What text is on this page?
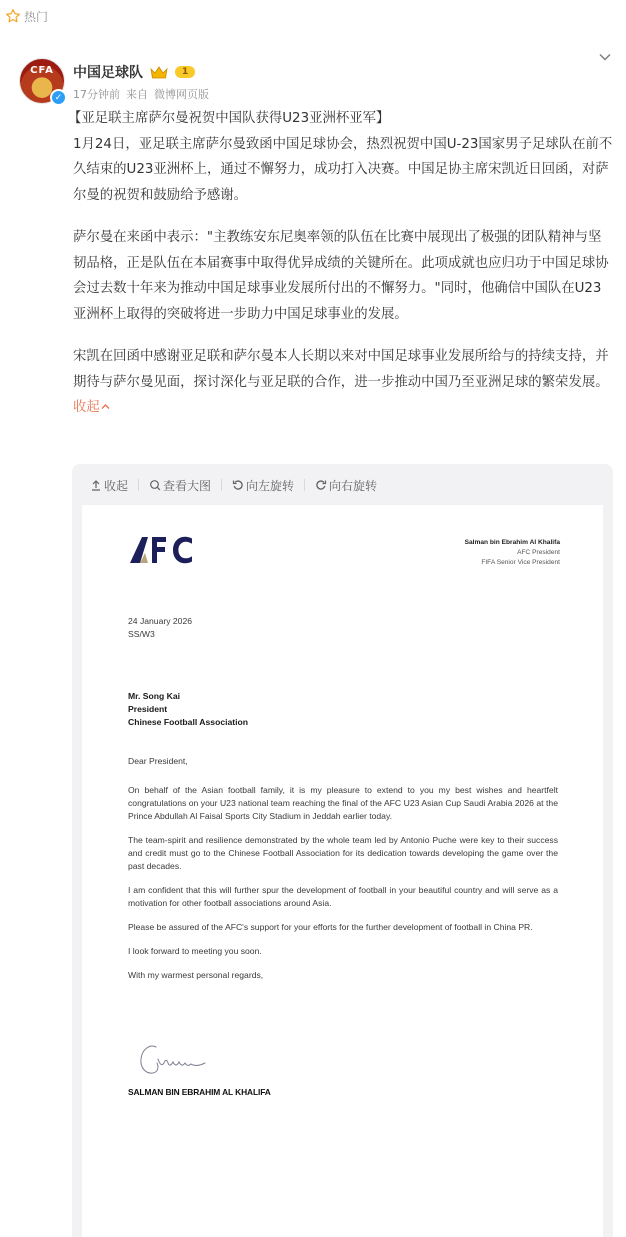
热门
CFA
✓
中国足球队	1
17分钟前 来自 微博网页版

【亚足联主席萨尔曼祝贺中国队获得U23亚洲杯亚军】

1月24日，亚足联主席萨尔曼致函中国足球协会，热烈祝贺中国U-23国家男子足球队在前不久结束的U23亚洲杯上，通过不懈努力，成功打入决赛。中国足协主席宋凯近日回函，对萨尔曼的祝贺和鼓励给予感谢。

萨尔曼在来函中表示："主教练安东尼奥率领的队伍在比赛中展现出了极强的团队精神与坚韧品格，正是队伍在本届赛事中取得优异成绩的关键所在。此项成就也应归功于中国足球协会过去数十年来为推动中国足球事业发展所付出的不懈努力。"同时，他确信中国队在U23亚洲杯上取得的突破将进一步助力中国足球事业的发展。

宋凯在回函中感谢亚足联和萨尔曼本人长期以来对中国足球事业发展所给与的持续支持，并期待与萨尔曼见面，探讨深化与亚足联的合作，进一步推动中国乃至亚洲足球的繁荣发展。 收起

收起	查看大图	向左旋转	向右旋转
Salman bin Ebrahim Al Khalifa
AFC President
FIFA Senior Vice President
24 January 2026
SS/W3
Mr. Song Kai
President
Chinese Football Association
Dear President,

On behalf of the Asian football family, it is my pleasure to extend to you my best wishes and heartfelt congratulations on your U23 national team reaching the final of the AFC U23 Asian Cup Saudi Arabia 2026 at the Prince Abdullah Al Faisal Sports City Stadium in Jeddah earlier today.

The team-spirit and resilience demonstrated by the whole team led by Antonio Puche were key to their success and credit must go to the Chinese Football Association for its dedication towards developing the game over the past decades.

I am confident that this will further spur the development of football in your beautiful country and will serve as a motivation for other football associations around Asia.

Please be assured of the AFC's support for your efforts for the further development of football in China PR.

I look forward to meeting you soon.

With my warmest personal regards,

SALMAN BIN EBRAHIM AL KHALIFA
